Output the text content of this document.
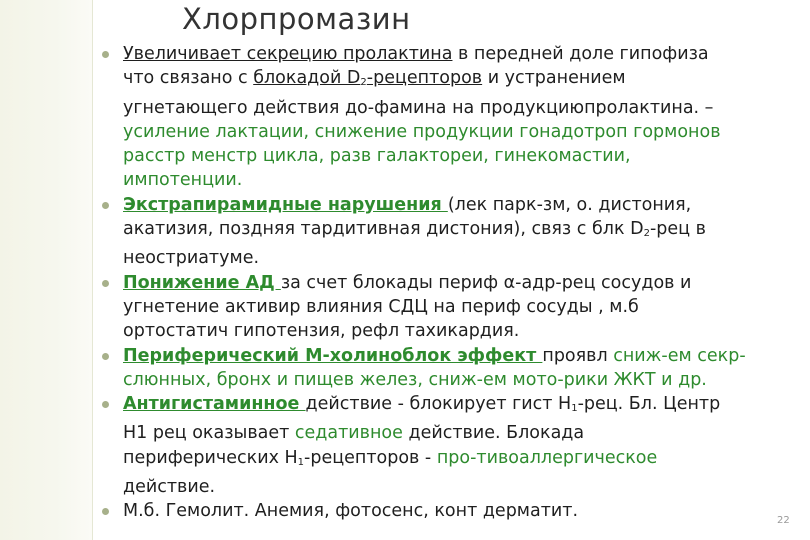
Хлорпромазин
Увеличивает секрецию пролактина в передней доле гипофиза
что связано с блокадой $D_2$-рецепторов и устранением
угнетающего действия до-фамина на продукциюпролактина. –
усиление лактации, снижение продукции гонадотроп гормонов
расстр менстр цикла, разв галактореи, гинекомастии,
импотенции.
Экстрапирамидные нарушения (лек парк-зм, о. дистония,
акатизия, поздняя тардитивная дистония), связ с блк $D_2$-рец в
неостриатуме.
Понижение АД за счет блокады периф α-адр-рец сосудов и
угнетение активир влияния СДЦ на периф сосуды , м.б
ортостатич гипотензия, рефл тахикардия.
Периферический М-холиноблок эффект проявл сниж-ем секр-
слюнных, бронх и пищев желез, сниж-ем мото-рики ЖКТ и др.
Антигистаминное действие - блокирует гист $Н_1$-рец. Бл. Центр
Н1 рец оказывает седативное действие. Блокада
периферических $Н_1$-рецепторов - про-тивоаллергическое
действие.
М.б. Гемолит. Анемия, фотосенс, конт дерматит.	22
